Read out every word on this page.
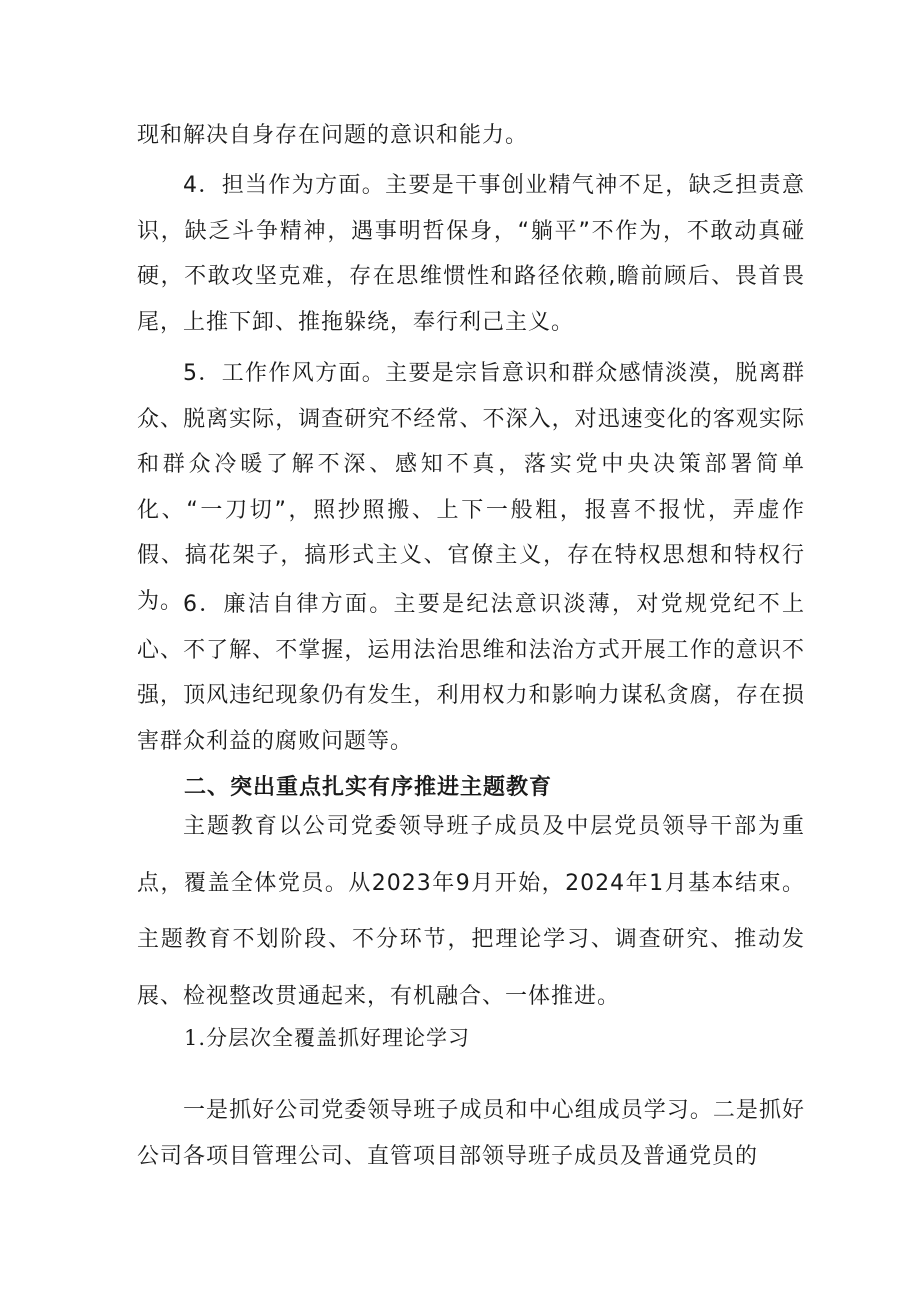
现和解决自身存在问题的意识和能力。

4．担当作为方面。主要是干事创业精气神不足，缺乏担责意识，缺乏斗争精神，遇事明哲保身，“躺平”不作为，不敢动真碰硬，不敢攻坚克难，存在思维惯性和路径依赖,瞻前顾后、畏首畏尾，上推下卸、推拖躲绕，奉行利己主义。

5．工作作风方面。主要是宗旨意识和群众感情淡漠，脱离群众、脱离实际，调查研究不经常、不深入，对迅速变化的客观实际和群众冷暖了解不深、感知不真，落实党中央决策部署简单化、“一刀切”，照抄照搬、上下一般粗，报喜不报忧，弄虚作假、搞花架子，搞形式主义、官僚主义，存在特权思想和特权行为。 6．廉洁自律方面。主要是纪法意识淡薄，对党规党纪不上心、不了解、不掌握，运用法治思维和法治方式开展工作的意识不强，顶风违纪现象仍有发生，利用权力和影响力谋私贪腐，存在损害群众利益的腐败问题等。

二、突出重点扎实有序推进主题教育

主题教育以公司党委领导班子成员及中层党员领导干部为重点，覆盖全体党员。从2023年9月开始，2024年1月基本结束。主题教育不划阶段、不分环节，把理论学习、调查研究、推动发展、检视整改贯通起来，有机融合、一体推进。

1.分层次全覆盖抓好理论学习

一是抓好公司党委领导班子成员和中心组成员学习。二是抓好公司各项目管理公司、直管项目部领导班子成员及普通党员的
